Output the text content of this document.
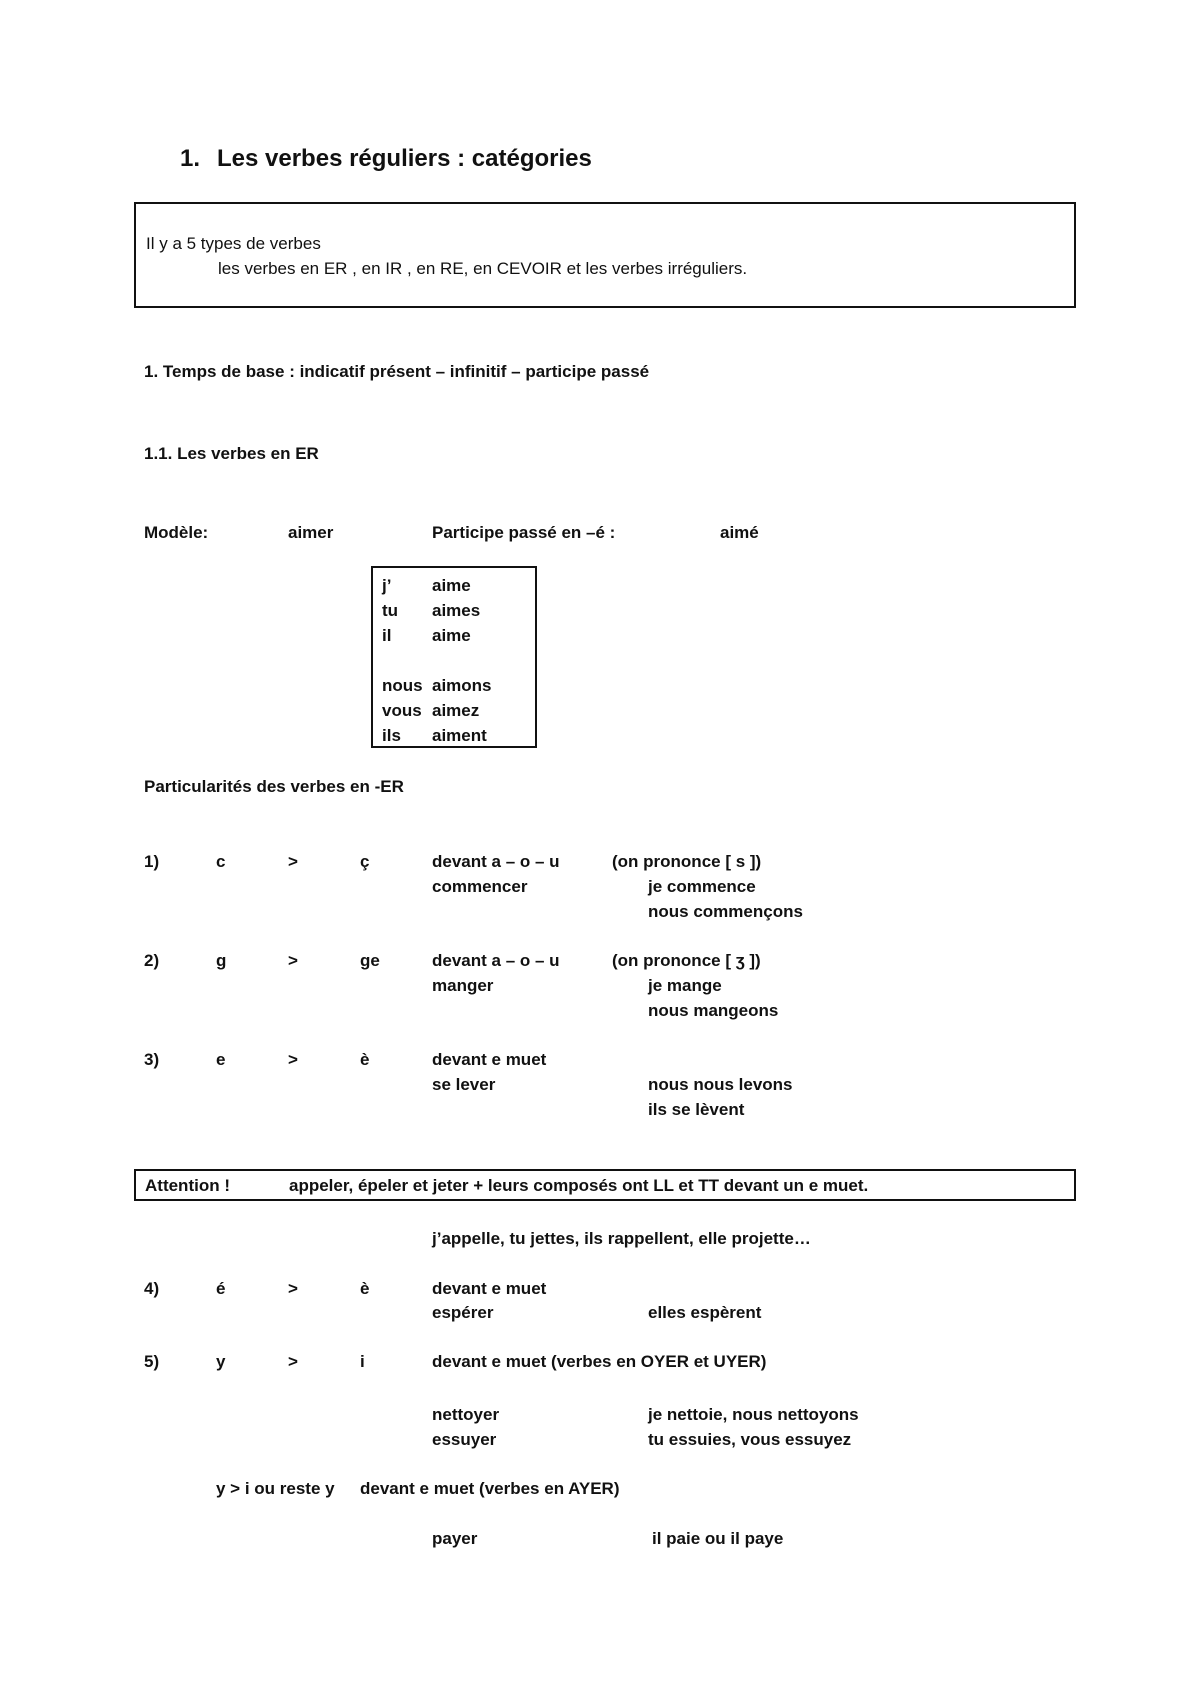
1. Les verbes réguliers : catégories
Il y a 5 types de verbes
les verbes en ER , en IR , en RE, en CEVOIR et les verbes irréguliers.
1. Temps de base : indicatif présent – infinitif – participe passé
1.1. Les verbes en ER
Modèle:	aimer	Participe passé en –é :	aimé
j’ aime
tu aimes
il aime
nous aimons
vous aimez
ils aiment
Particularités des verbes en -ER
1)	c	>	ç	devant a – o – u	(on prononce [ s ])
commencer	je commence
nous commençons
2)	g	>	ge	devant a – o – u	(on prononce [ ʒ ])
manger	je mange
nous mangeons
3)	e	>	è	devant e muet
se lever	nous nous levons
ils se lèvent
Attention !	appeler, épeler et jeter + leurs composés ont LL et TT devant un e muet.
j’appelle, tu jettes, ils rappellent, elle projette…
4)	é	>	è	devant e muet
espérer	elles espèrent
5)	y	>	i	devant e muet (verbes en OYER et UYER)
nettoyer	je nettoie, nous nettoyons
essuyer	tu essuies, vous essuyez
y > i ou reste y devant e muet (verbes en AYER)
payer	il paie ou il paye
